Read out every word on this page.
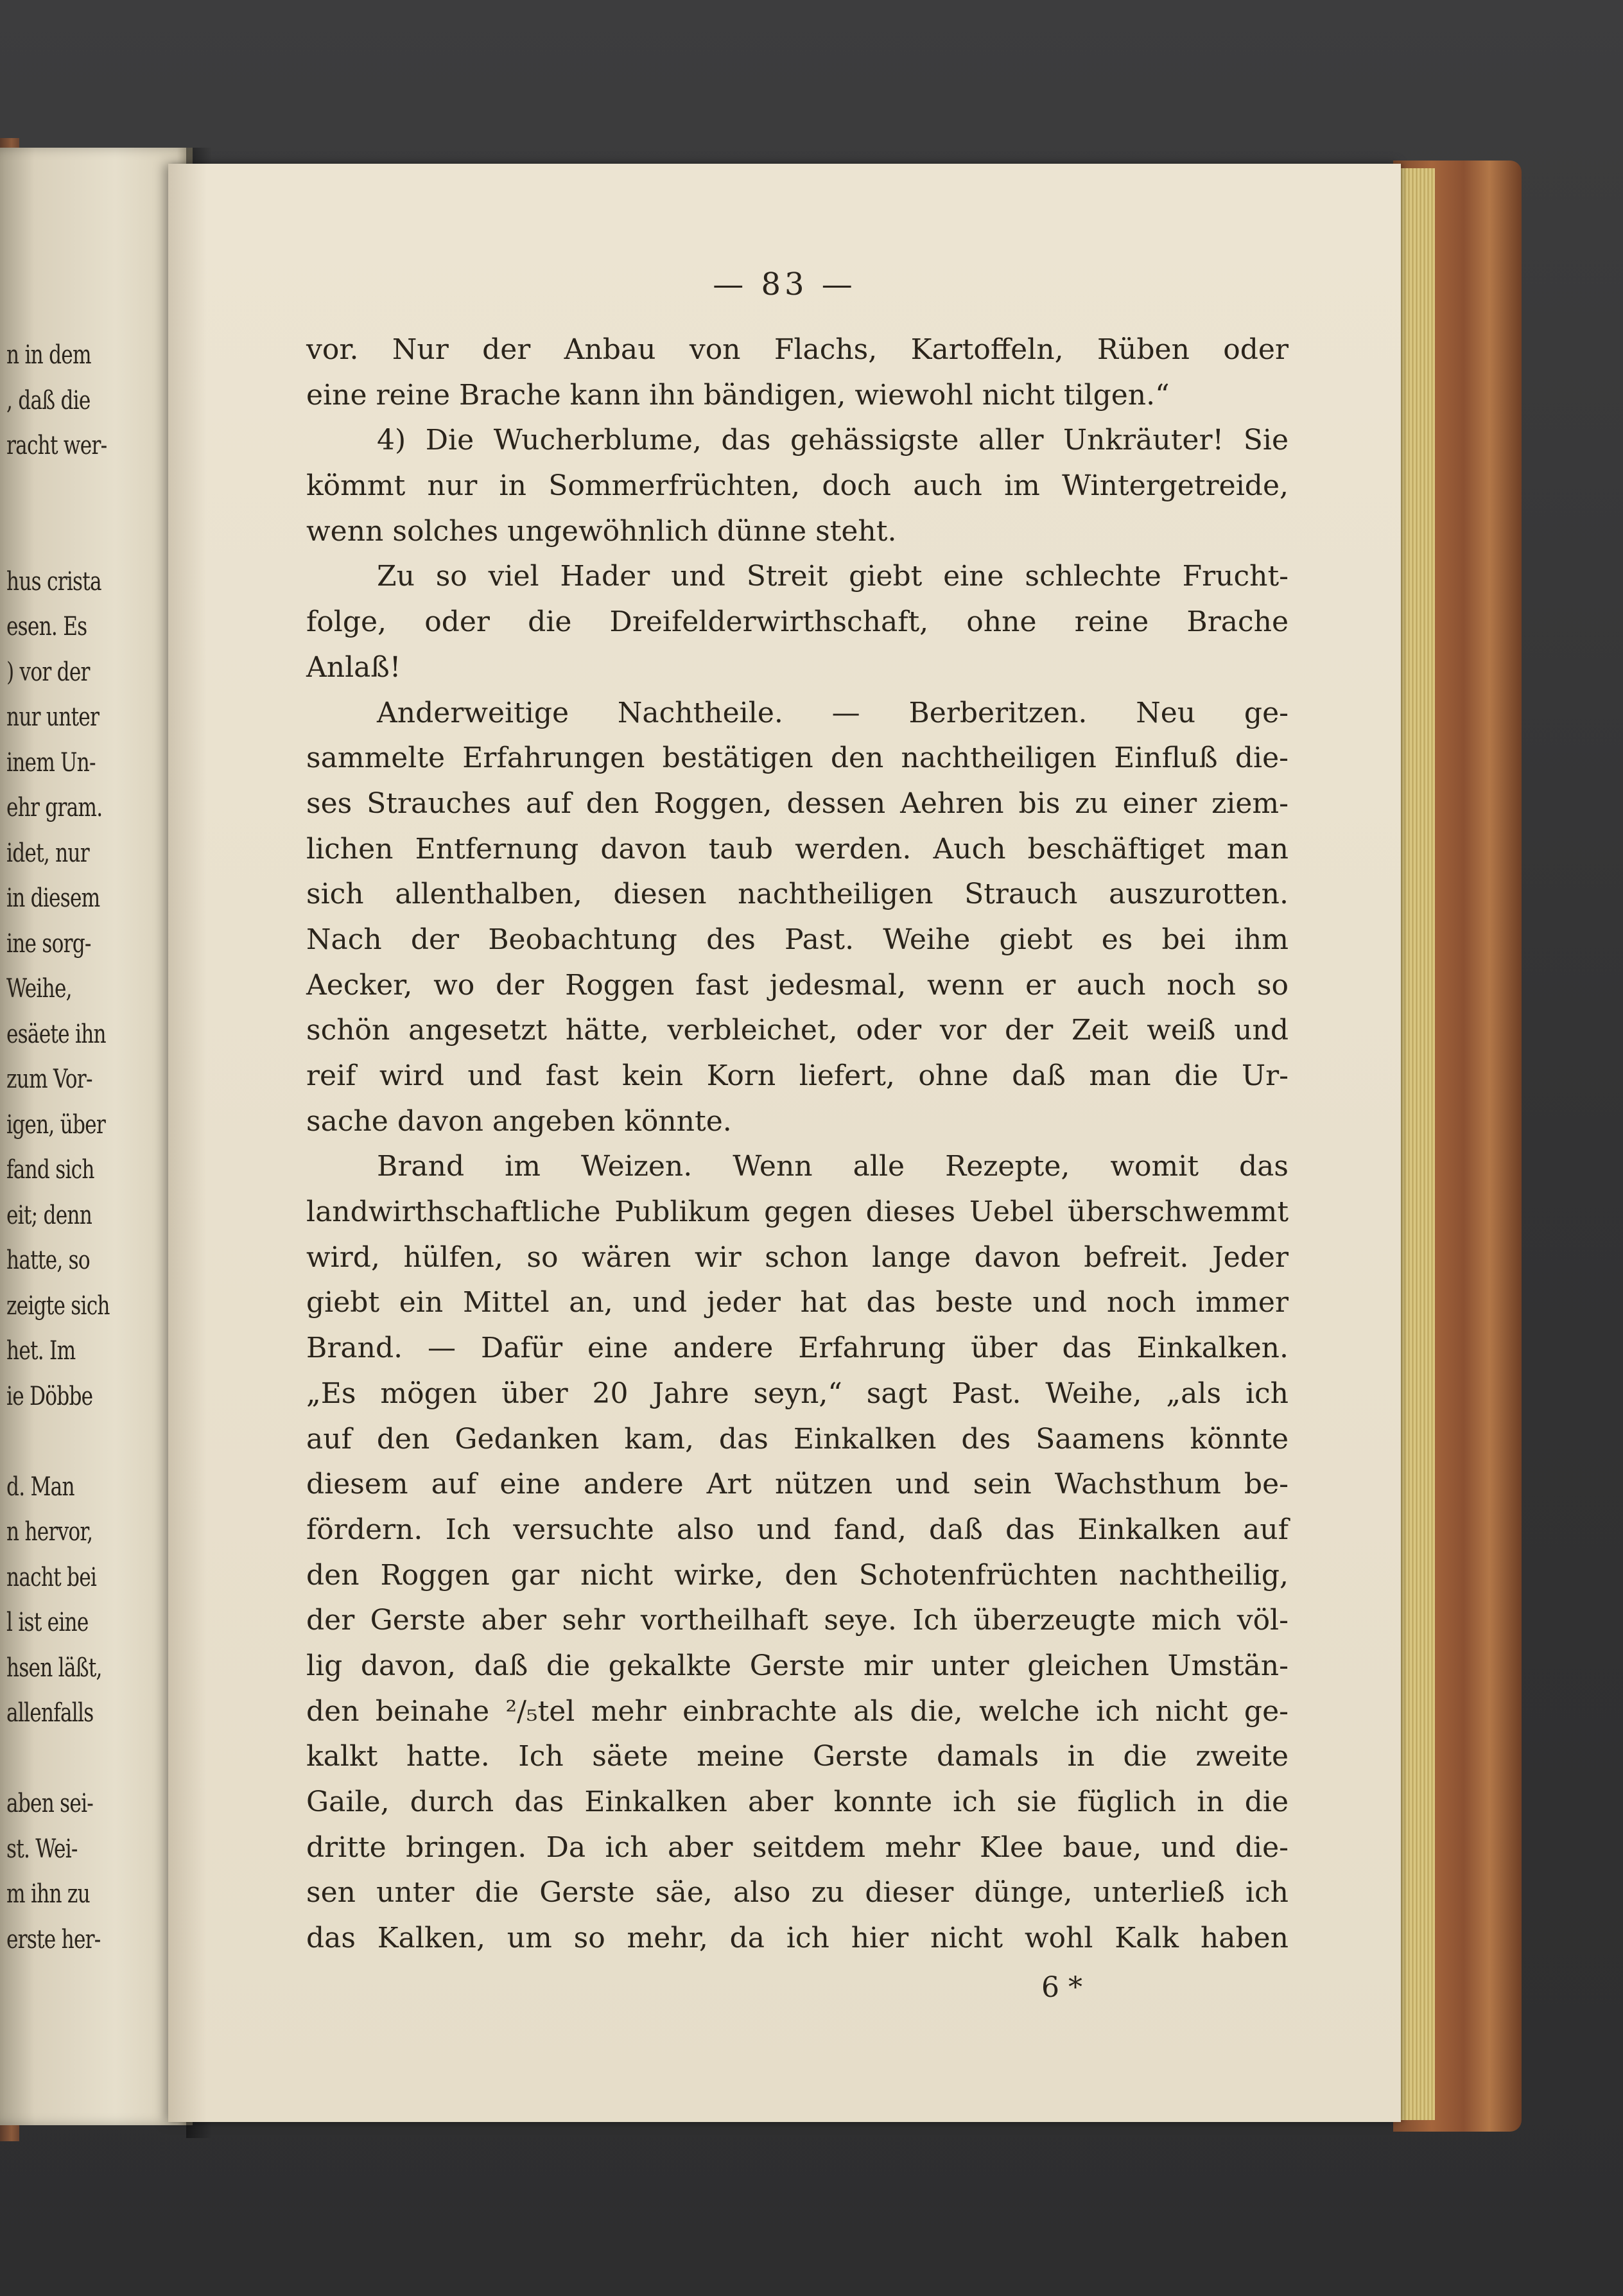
n in dem
, daß die
racht wer-
hus crista
esen. Es
) vor der
nur unter
inem Un-
ehr gram.
idet, nur
in diesem
ine sorg-
Weihe,
esäete ihn
zum Vor-
igen, über
fand sich
eit; denn
hatte, so
zeigte sich
het. Im
ie Döbbe
d. Man
n hervor,
nacht bei
l ist eine
hsen läßt,
allenfalls
aben sei-
st. Wei-
m ihn zu
erste her-
— 83 —
vor. Nur der Anbau von Flachs, Kartoffeln, Rüben oder
eine reine Brache kann ihn bändigen, wiewohl nicht tilgen.“
4) Die Wucherblume, das gehässigste aller Unkräuter! Sie
kömmt nur in Sommerfrüchten, doch auch im Wintergetreide,
wenn solches ungewöhnlich dünne steht.
Zu so viel Hader und Streit giebt eine schlechte Frucht-
folge, oder die Dreifelderwirthschaft, ohne reine Brache
Anlaß!
Anderweitige Nachtheile. — Berberitzen. Neu ge-
sammelte Erfahrungen bestätigen den nachtheiligen Einfluß die-
ses Strauches auf den Roggen, dessen Aehren bis zu einer ziem-
lichen Entfernung davon taub werden. Auch beschäftiget man
sich allenthalben, diesen nachtheiligen Strauch auszurotten.
Nach der Beobachtung des Past. Weihe giebt es bei ihm
Aecker, wo der Roggen fast jedesmal, wenn er auch noch so
schön angesetzt hätte, verbleichet, oder vor der Zeit weiß und
reif wird und fast kein Korn liefert, ohne daß man die Ur-
sache davon angeben könnte.
Brand im Weizen. Wenn alle Rezepte, womit das
landwirthschaftliche Publikum gegen dieses Uebel überschwemmt
wird, hülfen, so wären wir schon lange davon befreit. Jeder
giebt ein Mittel an, und jeder hat das beste und noch immer
Brand. — Dafür eine andere Erfahrung über das Einkalken.
„Es mögen über 20 Jahre seyn,“ sagt Past. Weihe, „als ich
auf den Gedanken kam, das Einkalken des Saamens könnte
diesem auf eine andere Art nützen und sein Wachsthum be-
fördern. Ich versuchte also und fand, daß das Einkalken auf
den Roggen gar nicht wirke, den Schotenfrüchten nachtheilig,
der Gerste aber sehr vortheilhaft seye. Ich überzeugte mich völ-
lig davon, daß die gekalkte Gerste mir unter gleichen Umstän-
den beinahe ²/₅tel mehr einbrachte als die, welche ich nicht ge-
kalkt hatte. Ich säete meine Gerste damals in die zweite
Gaile, durch das Einkalken aber konnte ich sie füglich in die
dritte bringen. Da ich aber seitdem mehr Klee baue, und die-
sen unter die Gerste säe, also zu dieser dünge, unterließ ich
das Kalken, um so mehr, da ich hier nicht wohl Kalk haben
6 *
